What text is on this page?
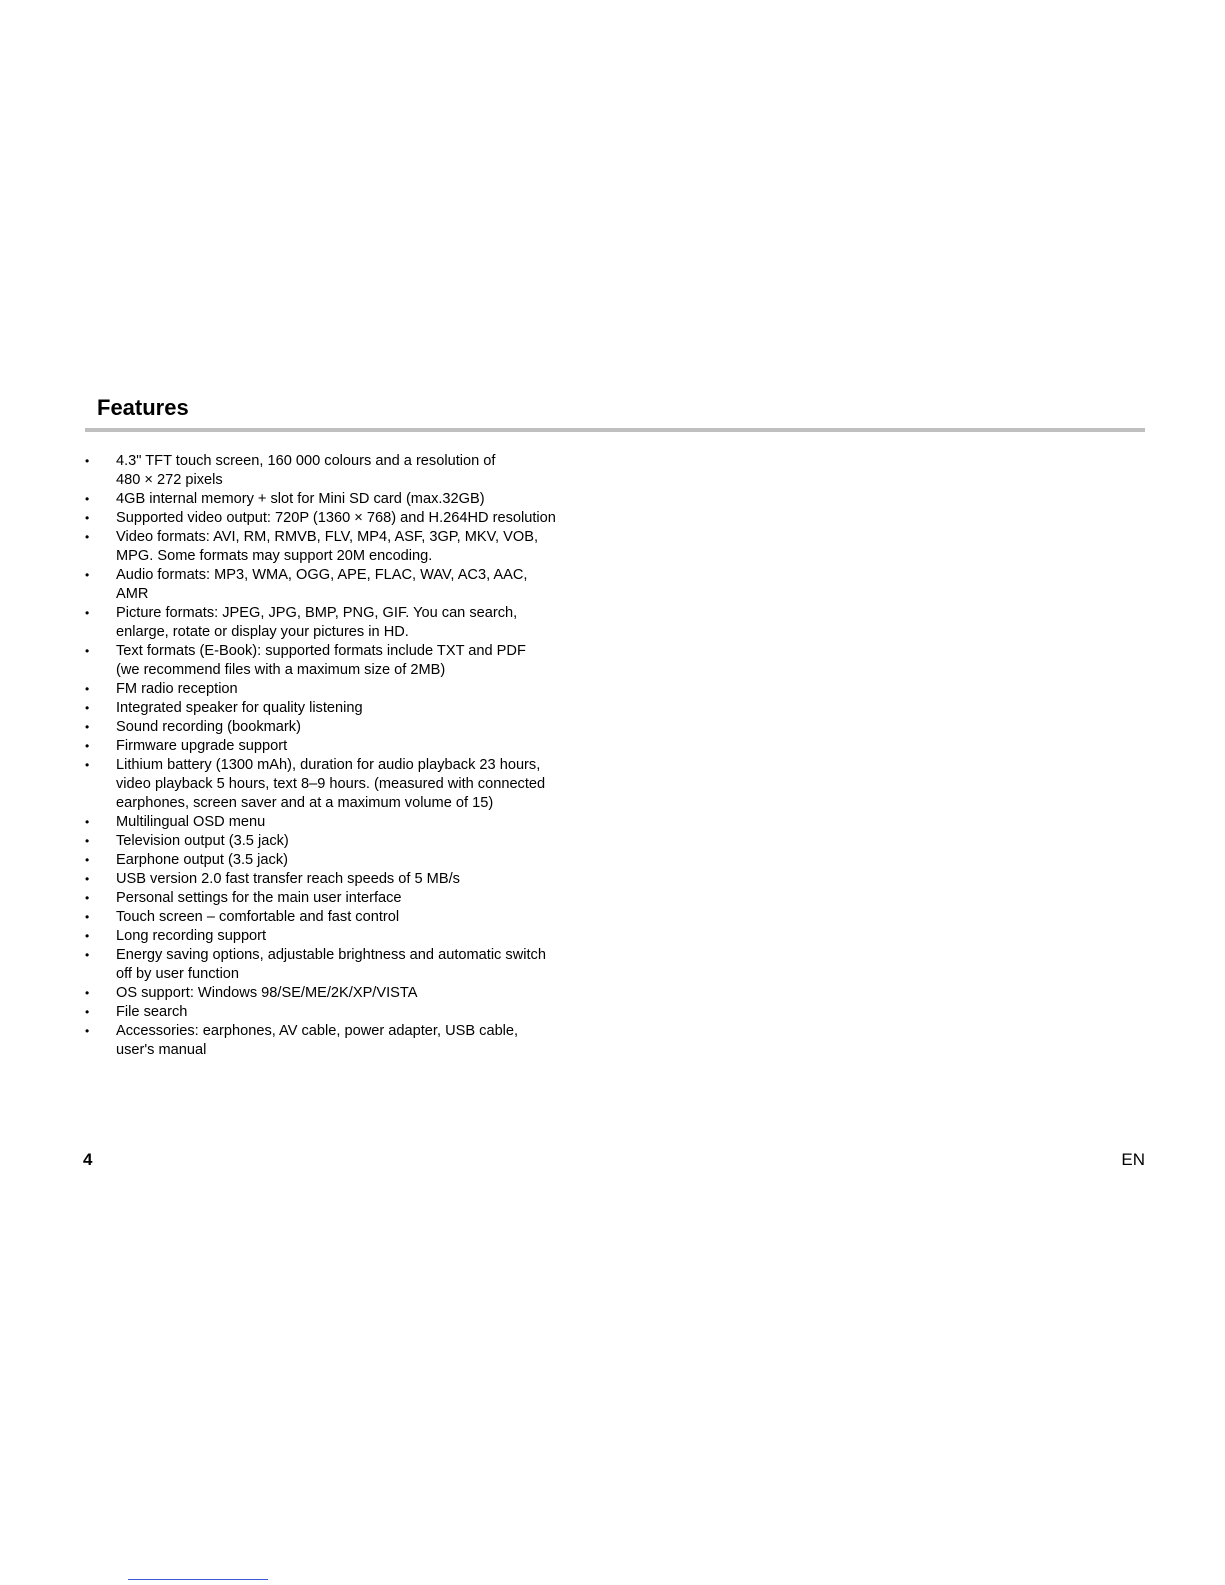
Features
•	4.3" TFT touch screen, 160 000 colours and a resolution of
480 × 272 pixels
•	4GB internal memory + slot for Mini SD card (max.32GB)
•	Supported video output: 720P (1360 × 768) and H.264HD resolution
•	Video formats: AVI, RM, RMVB, FLV, MP4, ASF, 3GP, MKV, VOB,
MPG. Some formats may support 20M encoding.
•	Audio formats: MP3, WMA, OGG, APE, FLAC, WAV, AC3, AAC,
AMR
•	Picture formats: JPEG, JPG, BMP, PNG, GIF. You can search,
enlarge, rotate or display your pictures in HD.
•	Text formats (E-Book): supported formats include TXT and PDF
(we recommend files with a maximum size of 2MB)
•	FM radio reception
•	Integrated speaker for quality listening
•	Sound recording (bookmark)
•	Firmware upgrade support
•	Lithium battery (1300 mAh), duration for audio playback 23 hours,
video playback 5 hours, text 8–9 hours. (measured with connected
earphones, screen saver and at a maximum volume of 15)
•	Multilingual OSD menu
•	Television output (3.5 jack)
•	Earphone output (3.5 jack)
•	USB version 2.0 fast transfer reach speeds of 5 MB/s
•	Personal settings for the main user interface
•	Touch screen – comfortable and fast control
•	Long recording support
•	Energy saving options, adjustable brightness and automatic switch
off by user function
•	OS support: Windows 98/SE/ME/2K/XP/VISTA
•	File search
•	Accessories: earphones, AV cable, power adapter, USB cable,
user's manual
4	EN
